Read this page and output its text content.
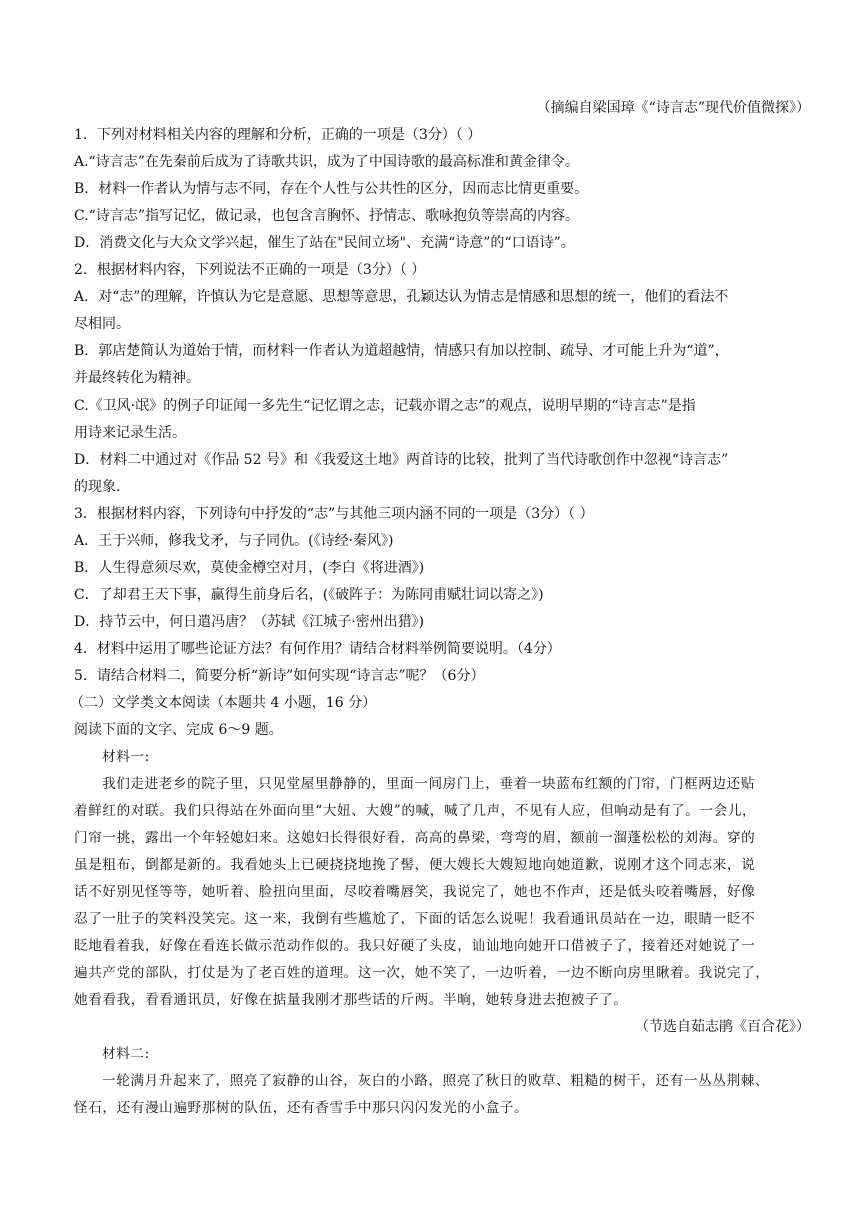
（摘编自梁国璋《“诗言志”现代价值微探》）
1．下列对材料相关内容的理解和分析，正确的一项是（3分）（ ）
A.“诗言志”在先秦前后成为了诗歌共识，成为了中国诗歌的最高标准和黄金律令。
B．材料一作者认为情与志不同，存在个人性与公共性的区分，因而志比情更重要。
C.“诗言志”指写记忆，做记录，也包含言胸怀、抒情志、歌咏抱负等崇高的内容。
D．消费文化与大众文学兴起，催生了站在"民间立场"、充满“诗意”的“口语诗”。
2．根据材料内容，下列说法不正确的一项是（3分）（ ）
A．对“志”的理解，许慎认为它是意愿、思想等意思，孔颖达认为情志是情感和思想的统一，他们的看法不
尽相同。
B．郭店楚简认为道始于情，而材料一作者认为道超越情，情感只有加以控制、疏导、才可能上升为“道”，
并最终转化为精神。
C.《卫风·氓》的例子印证闻一多先生“记忆谓之志，记载亦谓之志”的观点，说明早期的“诗言志”是指
用诗来记录生活。
D．材料二中通过对《作品 52 号》和《我爱这土地》两首诗的比较，批判了当代诗歌创作中忽视“诗言志”
的现象.
3．根据材料内容，下列诗句中抒发的“志”与其他三项内涵不同的一项是（3分）（ ）
A．王于兴师，修我戈矛，与子同仇。(《诗经·秦风》)
B．人生得意须尽欢，莫使金樽空对月，(李白《将进酒》)
C．了却君王天下事，赢得生前身后名，(《破阵子：为陈同甫赋壮词以寄之》)
D．持节云中，何日遣冯唐？（苏轼《江城子·密州出猎》)
4．材料中运用了哪些论证方法？有何作用？请结合材料举例简要说明。（4分）
5．请结合材料二，简要分析“新诗”如何实现“诗言志”呢？（6分）
（二）文学类文本阅读（本题共 4 小题，16 分）
阅读下面的文字、完成 6～9 题。
材料一:
我们走进老乡的院子里，只见堂屋里静静的，里面一间房门上，垂着一块蓝布红额的门帘，门框两边还贴
着鲜红的对联。我们只得站在外面向里“大妞、大嫂”的喊，喊了几声，不见有人应，但响动是有了。一会儿，
门帘一挑，露出一个年轻媳妇来。这媳妇长得很好看，高高的鼻梁，弯弯的眉，额前一溜蓬松松的刘海。穿的
虽是粗布，倒都是新的。我看她头上已硬挠挠地挽了髻，便大嫂长大嫂短地向她道歉，说刚才这个同志来，说
话不好别见怪等等，她听着、脸扭向里面，尽咬着嘴唇笑，我说完了，她也不作声，还是低头咬着嘴唇，好像
忍了一肚子的笑料没笑完。这一来，我倒有些尴尬了，下面的话怎么说呢！我看通讯员站在一边，眼睛一眨不
眨地看着我，好像在看连长做示范动作似的。我只好硬了头皮，讪讪地向她开口借被子了，接着还对她说了一
遍共产党的部队，打仗是为了老百姓的道理。这一次，她不笑了，一边听着，一边不断向房里瞅着。我说完了，
她看看我，看看通讯员，好像在掂量我刚才那些话的斤两。半晌，她转身进去抱被子了。
（节选自茹志鹃《百合花》）
材料二:
一轮满月升起来了，照亮了寂静的山谷，灰白的小路，照亮了秋日的败草、粗糙的树干，还有一丛丛荆棘、
怪石，还有漫山遍野那树的队伍，还有香雪手中那只闪闪发光的小盒子。
